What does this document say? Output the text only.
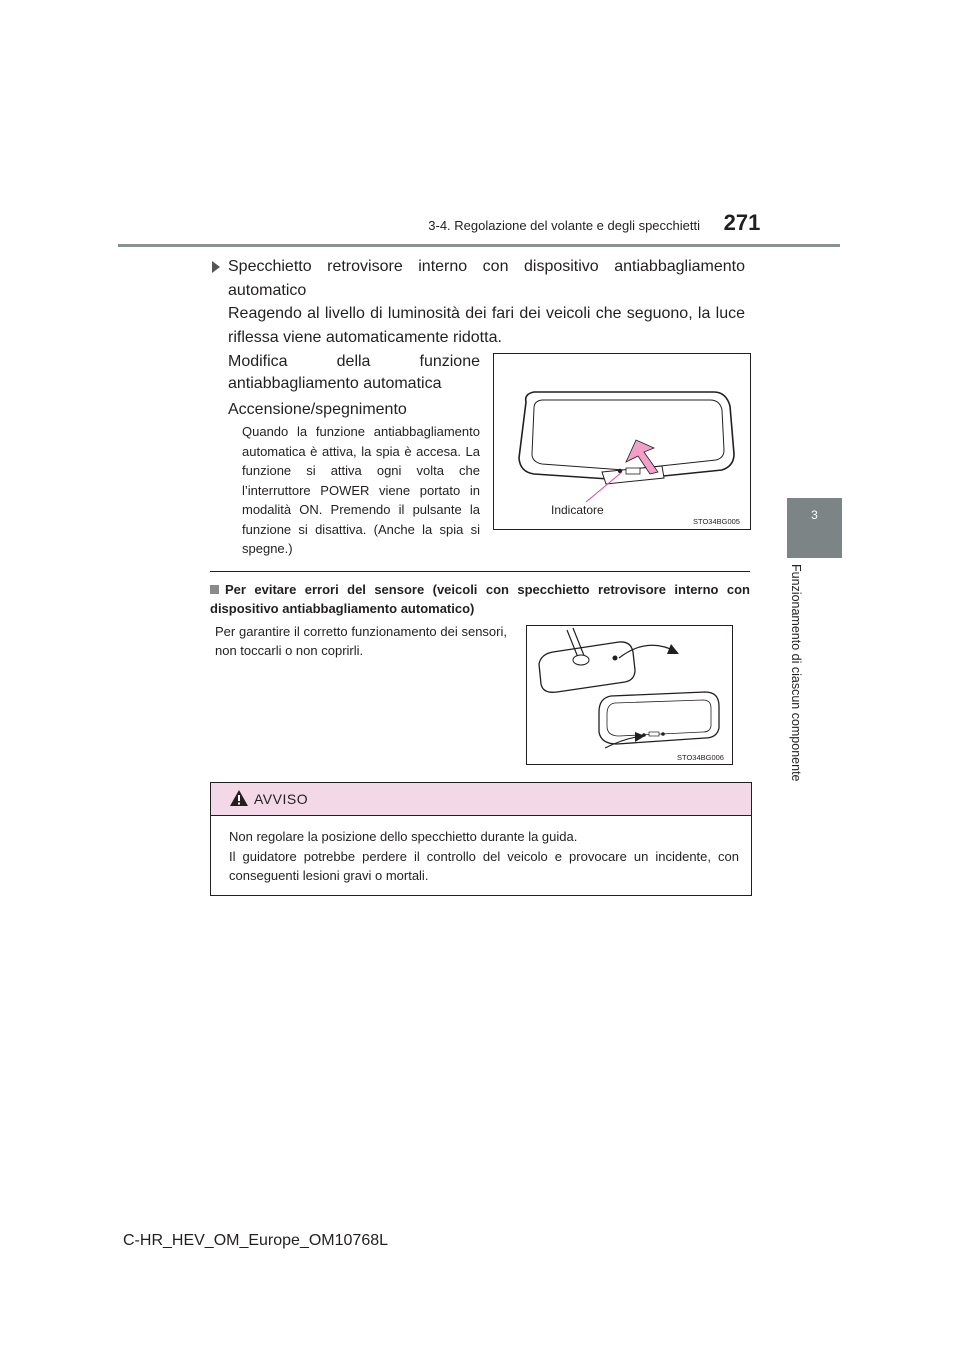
3-4. Regolazione del volante e degli specchietti	271
3
Funzionamento di ciascun componente
Specchietto retrovisore interno con dispositivo antiabbagliamento
automatico
Reagendo al livello di luminosità dei fari dei veicoli che seguono, la luce riflessa viene automaticamente ridotta.
Modifica della funzione
antiabbagliamento automatica
Accensione/spegnimento
Quando la funzione antiabbagliamento automatica è attiva, la spia è accesa. La funzione si attiva ogni volta che l’interruttore POWER viene portato in modalità ON. Premendo il pulsante la funzione si disattiva. (Anche la spia si spegne.)
Indicatore
STO34BG005
Per evitare errori del sensore (veicoli con specchietto retrovisore interno con dispositivo antiabbagliamento automatico)
Per garantire il corretto funzionamento dei sensori, non toccarli o non coprirli.
STO34BG006
AVVISO
Non regolare la posizione dello specchietto durante la guida.
Il guidatore potrebbe perdere il controllo del veicolo e provocare un incidente, con conseguenti lesioni gravi o mortali.
C-HR_HEV_OM_Europe_OM10768L
